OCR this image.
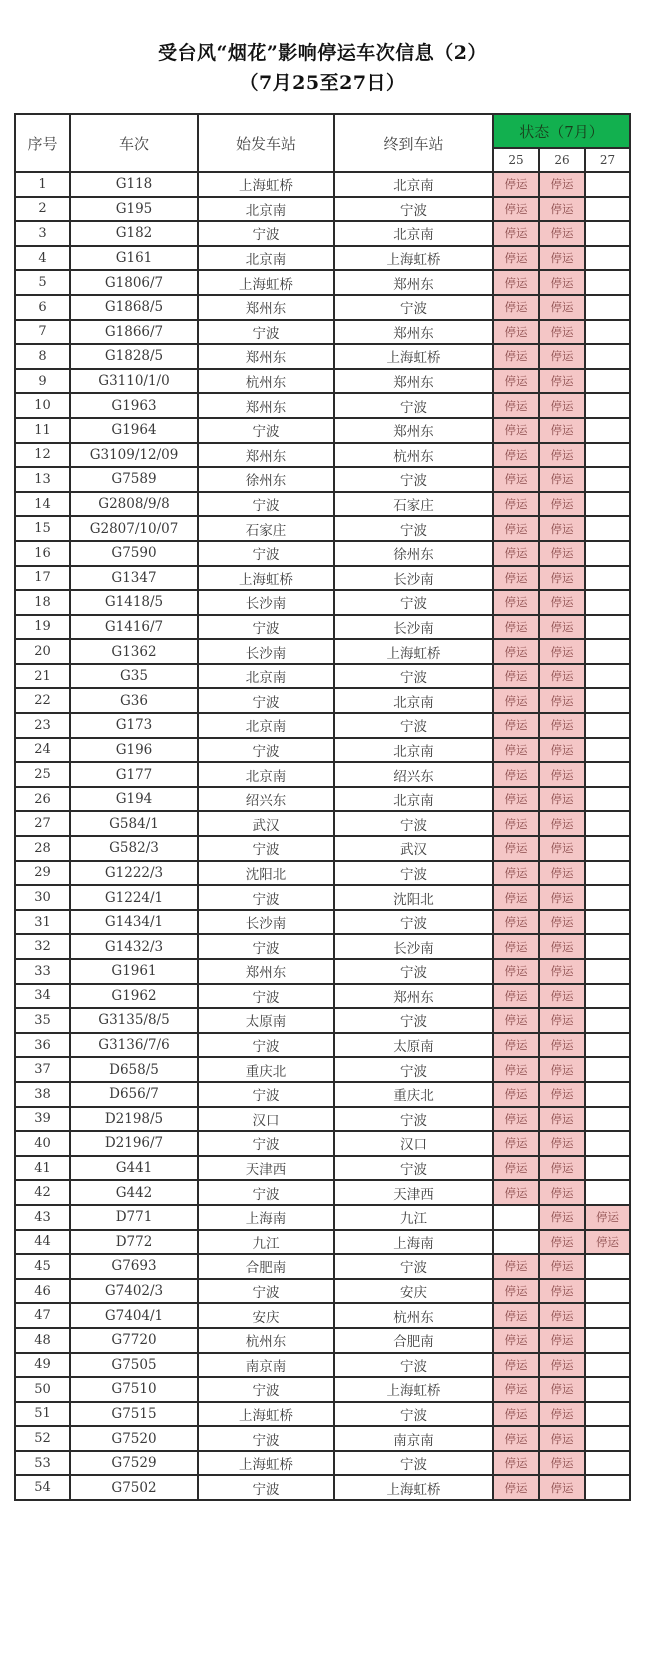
受台风“烟花”影响停运车次信息（2）
（7月25至27日）
序号	车次	始发车站	终到车站	状态（7月）		
				25	26	27
1	G118	上海虹桥	北京南	停运	停运	
2	G195	北京南	宁波	停运	停运	
3	G182	宁波	北京南	停运	停运	
4	G161	北京南	上海虹桥	停运	停运	
5	G1806/7	上海虹桥	郑州东	停运	停运	
6	G1868/5	郑州东	宁波	停运	停运	
7	G1866/7	宁波	郑州东	停运	停运	
8	G1828/5	郑州东	上海虹桥	停运	停运	
9	G3110/1/0	杭州东	郑州东	停运	停运	
10	G1963	郑州东	宁波	停运	停运	
11	G1964	宁波	郑州东	停运	停运	
12	G3109/12/09	郑州东	杭州东	停运	停运	
13	G7589	徐州东	宁波	停运	停运	
14	G2808/9/8	宁波	石家庄	停运	停运	
15	G2807/10/07	石家庄	宁波	停运	停运	
16	G7590	宁波	徐州东	停运	停运	
17	G1347	上海虹桥	长沙南	停运	停运	
18	G1418/5	长沙南	宁波	停运	停运	
19	G1416/7	宁波	长沙南	停运	停运	
20	G1362	长沙南	上海虹桥	停运	停运	
21	G35	北京南	宁波	停运	停运	
22	G36	宁波	北京南	停运	停运	
23	G173	北京南	宁波	停运	停运	
24	G196	宁波	北京南	停运	停运	
25	G177	北京南	绍兴东	停运	停运	
26	G194	绍兴东	北京南	停运	停运	
27	G584/1	武汉	宁波	停运	停运	
28	G582/3	宁波	武汉	停运	停运	
29	G1222/3	沈阳北	宁波	停运	停运	
30	G1224/1	宁波	沈阳北	停运	停运	
31	G1434/1	长沙南	宁波	停运	停运	
32	G1432/3	宁波	长沙南	停运	停运	
33	G1961	郑州东	宁波	停运	停运	
34	G1962	宁波	郑州东	停运	停运	
35	G3135/8/5	太原南	宁波	停运	停运	
36	G3136/7/6	宁波	太原南	停运	停运	
37	D658/5	重庆北	宁波	停运	停运	
38	D656/7	宁波	重庆北	停运	停运	
39	D2198/5	汉口	宁波	停运	停运	
40	D2196/7	宁波	汉口	停运	停运	
41	G441	天津西	宁波	停运	停运	
42	G442	宁波	天津西	停运	停运	
43	D771	上海南	九江		停运	停运
44	D772	九江	上海南		停运	停运
45	G7693	合肥南	宁波	停运	停运	
46	G7402/3	宁波	安庆	停运	停运	
47	G7404/1	安庆	杭州东	停运	停运	
48	G7720	杭州东	合肥南	停运	停运	
49	G7505	南京南	宁波	停运	停运	
50	G7510	宁波	上海虹桥	停运	停运	
51	G7515	上海虹桥	宁波	停运	停运	
52	G7520	宁波	南京南	停运	停运	
53	G7529	上海虹桥	宁波	停运	停运	
54	G7502	宁波	上海虹桥	停运	停运	
